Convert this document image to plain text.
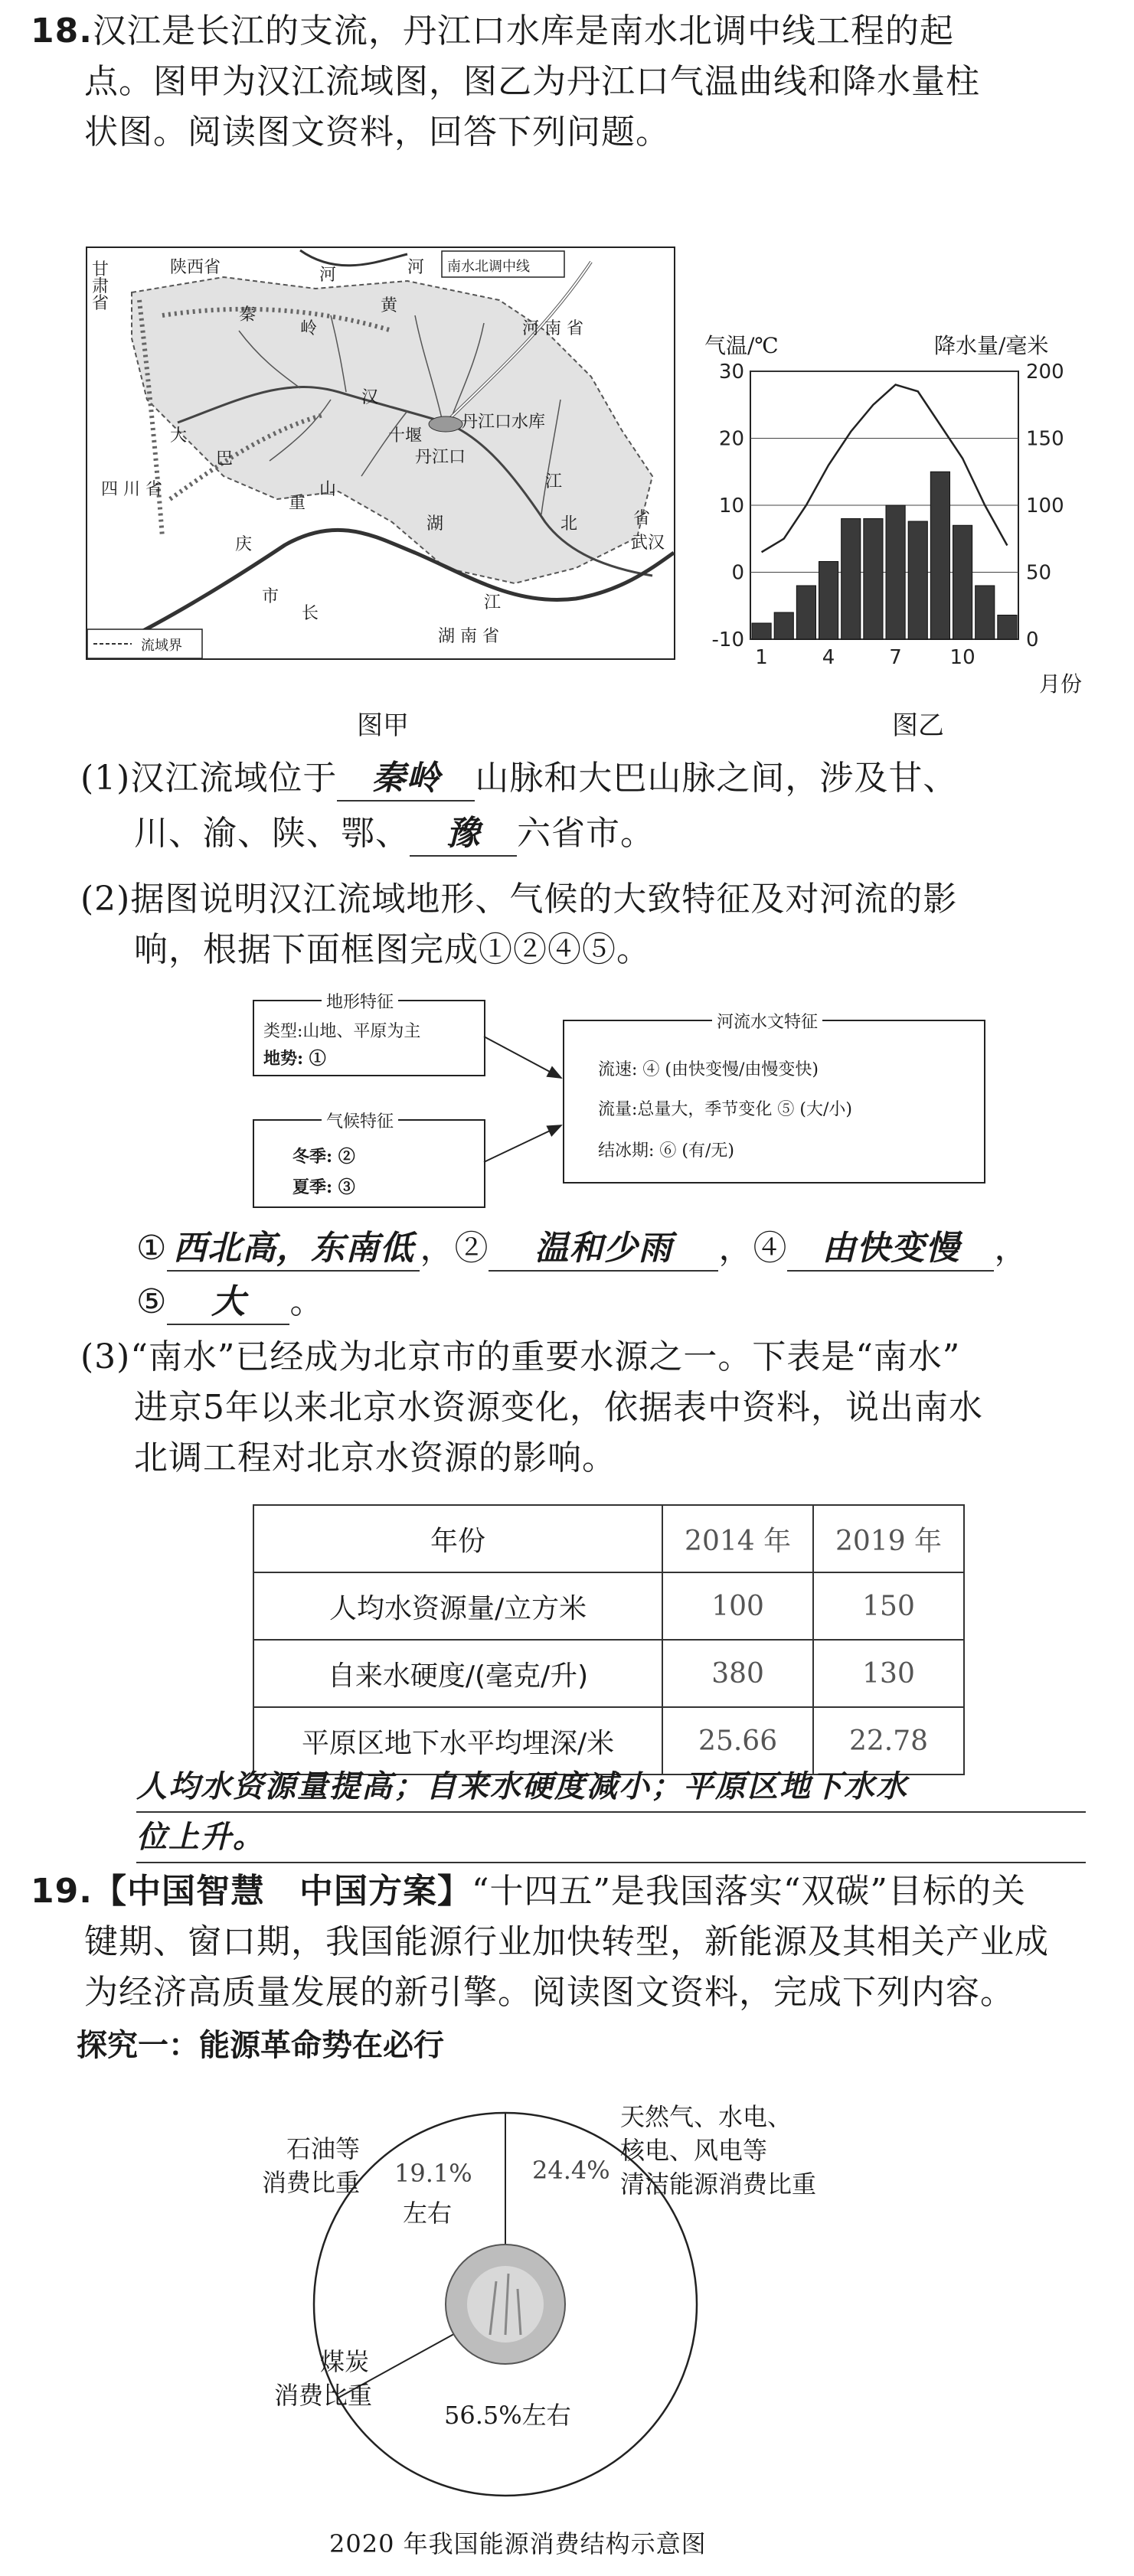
18.汉江是长江的支流，丹江口水库是南水北调中线工程的起
点。图甲为汉江流域图，图乙为丹江口气温曲线和降水量柱
状图。阅读图文资料，回答下列问题。
甘肃省
陕西省	河
黄
河
河 南 省
秦
岭
汉
十堰
丹江口水库
丹江口
巴
大
山
重
庆
市
四 川 省	江
湖	北	省
武汉
长
江
湖 南 省
流域界
南水北调中线
图甲
气温/℃	降水量/毫米
-10	0
0	50
10	100
20	150
30	200
1	4	7 10
月份
图乙
(1)汉江流域位于 秦岭 山脉和大巴山脉之间，涉及甘、
川、渝、陕、鄂、 豫 六省市。
(2)据图说明汉江流域地形、气候的大致特征及对河流的影
响，根据下面框图完成①②④⑤。
类型:山地、平原为主
地势: ①
地形特征
冬季: ②
夏季: ③
气候特征
流速: ④ (由快变慢/由慢变快)
流量:总量大，季节变化 ⑤ (大/小)
结冰期: ⑥ (有/无)
河流水文特征
① 西北高，东南低 ，② 温和少雨 ，④ 由快变慢 ，
⑤ 大 。
(3)“南水”已经成为北京市的重要水源之一。下表是“南水”
进京5年以来北京水资源变化，依据表中资料，说出南水
北调工程对北京水资源的影响。
年份	2014 年	2019 年
人均水资源量/立方米	100	150
自来水硬度/(毫克/升)	380	130
平原区地下水平均埋深/米	25.66	22.78
人均水资源量提高；自来水硬度减小；平原区地下水水
位上升。
19.【中国智慧　中国方案】“十四五”是我国落实“双碳”目标的关
键期、窗口期，我国能源行业加快转型，新能源及其相关产业成
为经济高质量发展的新引擎。阅读图文资料，完成下列内容。
探究一：能源革命势在必行
石油等
消费比重 19.1%
左右
24.4%
天然气、水电、
核电、风电等
清洁能源消费比重
煤炭
消费比重
56.5%左右
2020 年我国能源消费结构示意图
